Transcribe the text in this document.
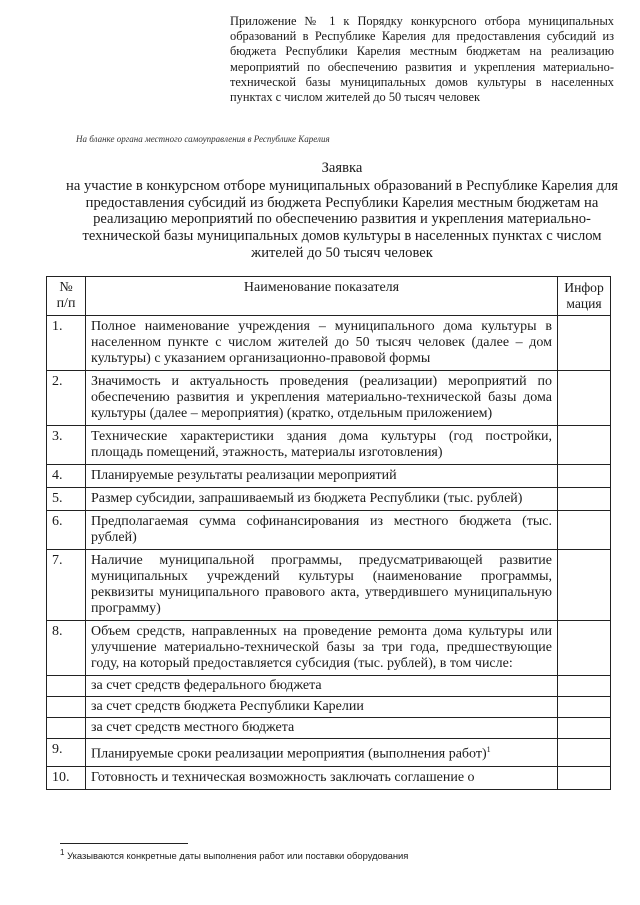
Приложение № 1 к Порядку конкурсного отбора муниципальных образований в Республике Карелия для предоставления субсидий из бюджета Республики Карелия местным бюджетам на реализацию мероприятий по обеспечению развития и укрепления материально-технической базы муниципальных домов культуры в населенных пунктах с числом жителей до 50 тысяч человек
На бланке органа местного самоуправления в Республике Карелия
Заявка
на участие в конкурсном отборе муниципальных образований в Республике Карелия для предоставления субсидий из бюджета Республики Карелия местным бюджетам на реализацию мероприятий по обеспечению развития и укрепления материально-технической базы муниципальных домов культуры в населенных пунктах с числом жителей до 50 тысяч человек
№ п/п	Наименование показателя	Инфор мация
1.	Полное наименование учреждения – муниципального дома культуры в населенном пункте с числом жителей до 50 тысяч человек (далее – дом культуры) с указанием организационно-правовой формы	
2.	Значимость и актуальность проведения (реализации) мероприятий по обеспечению развития и укрепления материально-технической базы дома культуры (далее – мероприятия) (кратко, отдельным приложением)	
3.	Технические характеристики здания дома культуры (год постройки, площадь помещений, этажность, материалы изготовления)	
4.	Планируемые результаты реализации мероприятий	
5.	Размер субсидии, запрашиваемый из бюджета Республики (тыс. рублей)	
6.	Предполагаемая сумма софинансирования из местного бюджета (тыс. рублей)	
7.	Наличие муниципальной программы, предусматривающей развитие муниципальных учреждений культуры (наименование программы, реквизиты муниципального правового акта, утвердившего муниципальную программу)	
8.	Объем средств, направленных на проведение ремонта дома культуры или улучшение материально-технической базы за три года, предшествующие году, на который предоставляется субсидия (тыс. рублей), в том числе:	
	за счет средств федерального бюджета	
	за счет средств бюджета Республики Карелии	
	за счет средств местного бюджета	
9.	Планируемые сроки реализации мероприятия (выполнения работ)$^1$	
10.	Готовность и техническая возможность заключать соглашение о	
$^1$ Указываются конкретные даты выполнения работ или поставки оборудования
